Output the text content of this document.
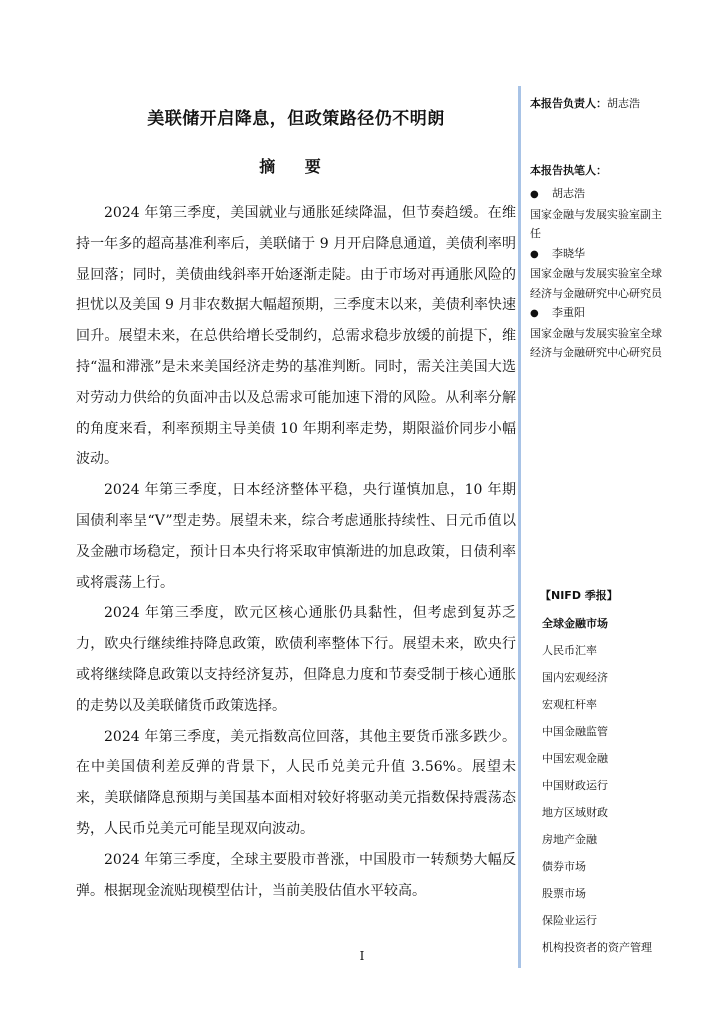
美联储开启降息，但政策路径仍不明朗
摘 要

2024 年第三季度，美国就业与通胀延续降温，但节奏趋缓。在维持一年多的超高基准利率后，美联储于 9 月开启降息通道，美债利率明显回落；同时，美债曲线斜率开始逐渐走陡。由于市场对再通胀风险的担忧以及美国 9 月非农数据大幅超预期，三季度末以来，美债利率快速回升。展望未来，在总供给增长受制约，总需求稳步放缓的前提下，维持“温和滞涨”是未来美国经济走势的基准判断。同时，需关注美国大选对劳动力供给的负面冲击以及总需求可能加速下滑的风险。从利率分解的角度来看，利率预期主导美债 10 年期利率走势，期限溢价同步小幅波动。

2024 年第三季度，日本经济整体平稳，央行谨慎加息，10 年期国债利率呈“V”型走势。展望未来，综合考虑通胀持续性、日元币值以及金融市场稳定，预计日本央行将采取审慎渐进的加息政策，日债利率或将震荡上行。

2024 年第三季度，欧元区核心通胀仍具黏性，但考虑到复苏乏力，欧央行继续维持降息政策，欧债利率整体下行。展望未来，欧央行或将继续降息政策以支持经济复苏，但降息力度和节奏受制于核心通胀的走势以及美联储货币政策选择。

2024 年第三季度，美元指数高位回落，其他主要货币涨多跌少。在中美国债利差反弹的背景下，人民币兑美元升值 3.56%。展望未来，美联储降息预期与美国基本面相对较好将驱动美元指数保持震荡态势，人民币兑美元可能呈现双向波动。

2024 年第三季度，全球主要股市普涨，中国股市一转颓势大幅反弹。根据现金流贴现模型估计，当前美股估值水平较高。

I
本报告负责人：胡志浩
本报告执笔人：
● 胡志浩
国家金融与发展实验室副主任
● 李晓华
国家金融与发展实验室全球经济与金融研究中心研究员
● 李重阳
国家金融与发展实验室全球经济与金融研究中心研究员
【NIFD 季报】
全球金融市场
人民币汇率
国内宏观经济
宏观杠杆率
中国金融监管
中国宏观金融
中国财政运行
地方区域财政
房地产金融
债券市场
股票市场
保险业运行
机构投资者的资产管理
